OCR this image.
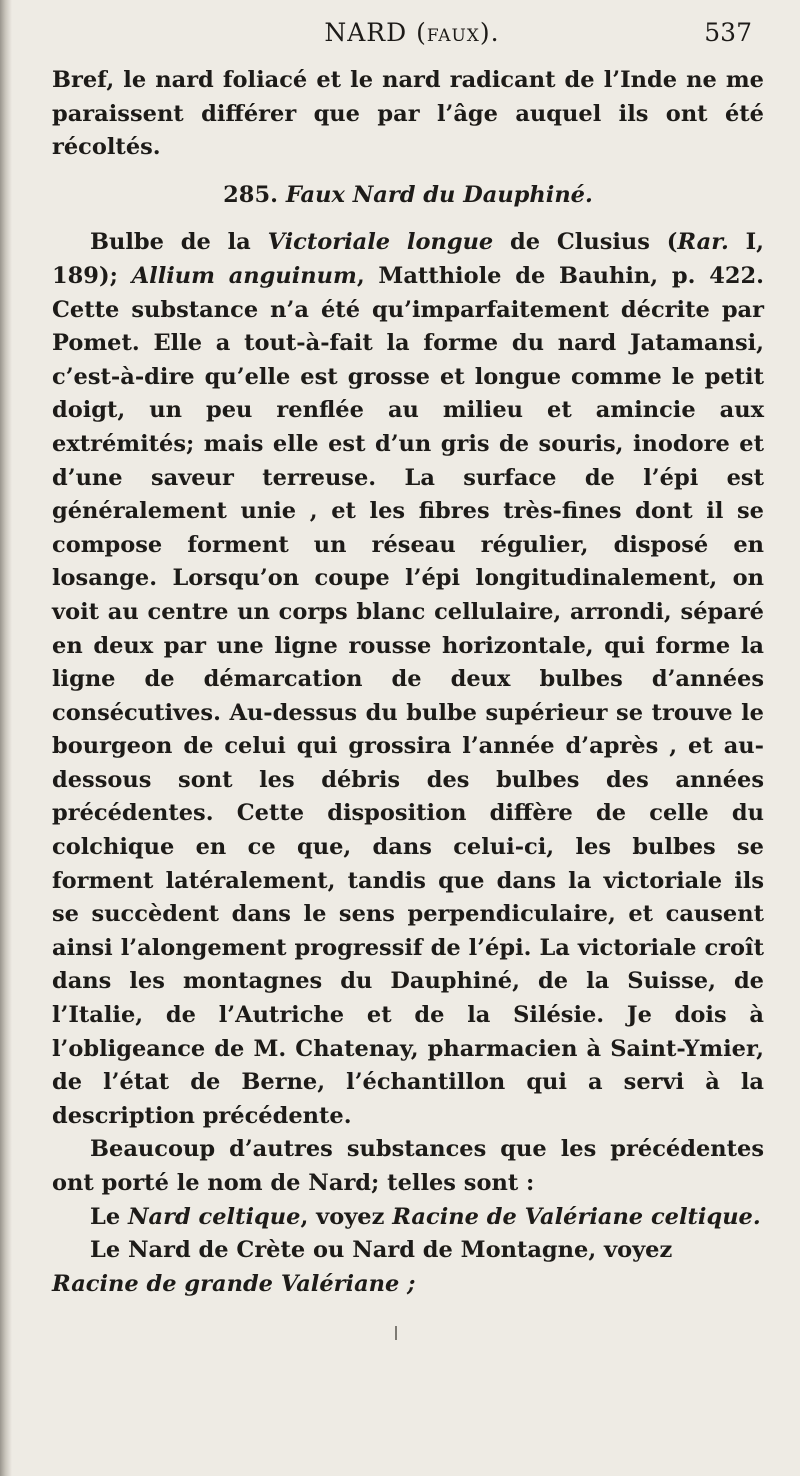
NARD (FAUX).	537

Bref, le nard foliacé et le nard radicant de l’Inde ne me paraissent différer que par l’âge auquel ils ont été récoltés.

285. Faux Nard du Dauphiné.

Bulbe de la Victoriale longue de Clusius (Rar. I, 189); Allium anguinum, Matthiole de Bauhin, p. 422. Cette substance n’a été qu’imparfaitement décrite par Pomet. Elle a tout-à-fait la forme du nard Jatamansi, c’est-à-dire qu’elle est grosse et longue comme le petit doigt, un peu renflée au milieu et amincie aux extrémités; mais elle est d’un gris de souris, inodore et d’une saveur terreuse. La surface de l’épi est généralement unie , et les fibres très-fines dont il se compose forment un réseau régulier, disposé en losange. Lorsqu’on coupe l’épi longitudinalement, on voit au centre un corps blanc cellulaire, arrondi, séparé en deux par une ligne rousse horizontale, qui forme la ligne de démarcation de deux bulbes d’années consécutives. Au-dessus du bulbe supérieur se trouve le bourgeon de celui qui grossira l’année d’après , et au-dessous sont les débris des bulbes des années précédentes. Cette disposition diffère de celle du colchique en ce que, dans celui-ci, les bulbes se forment latéralement, tandis que dans la victoriale ils se succèdent dans le sens perpendiculaire, et causent ainsi l’alongement progressif de l’épi. La victoriale croît dans les montagnes du Dauphiné, de la Suisse, de l’Italie, de l’Autriche et de la Silésie. Je dois à l’obligeance de M. Chatenay, pharmacien à Saint-Ymier, de l’état de Berne, l’échantillon qui a servi à la description précédente.

Beaucoup d’autres substances que les précédentes ont porté le nom de Nard; telles sont :

Le Nard celtique, voyez Racine de Valériane celtique.

Le Nard de Crète ou Nard de Montagne, voyez Racine de grande Valériane ;
